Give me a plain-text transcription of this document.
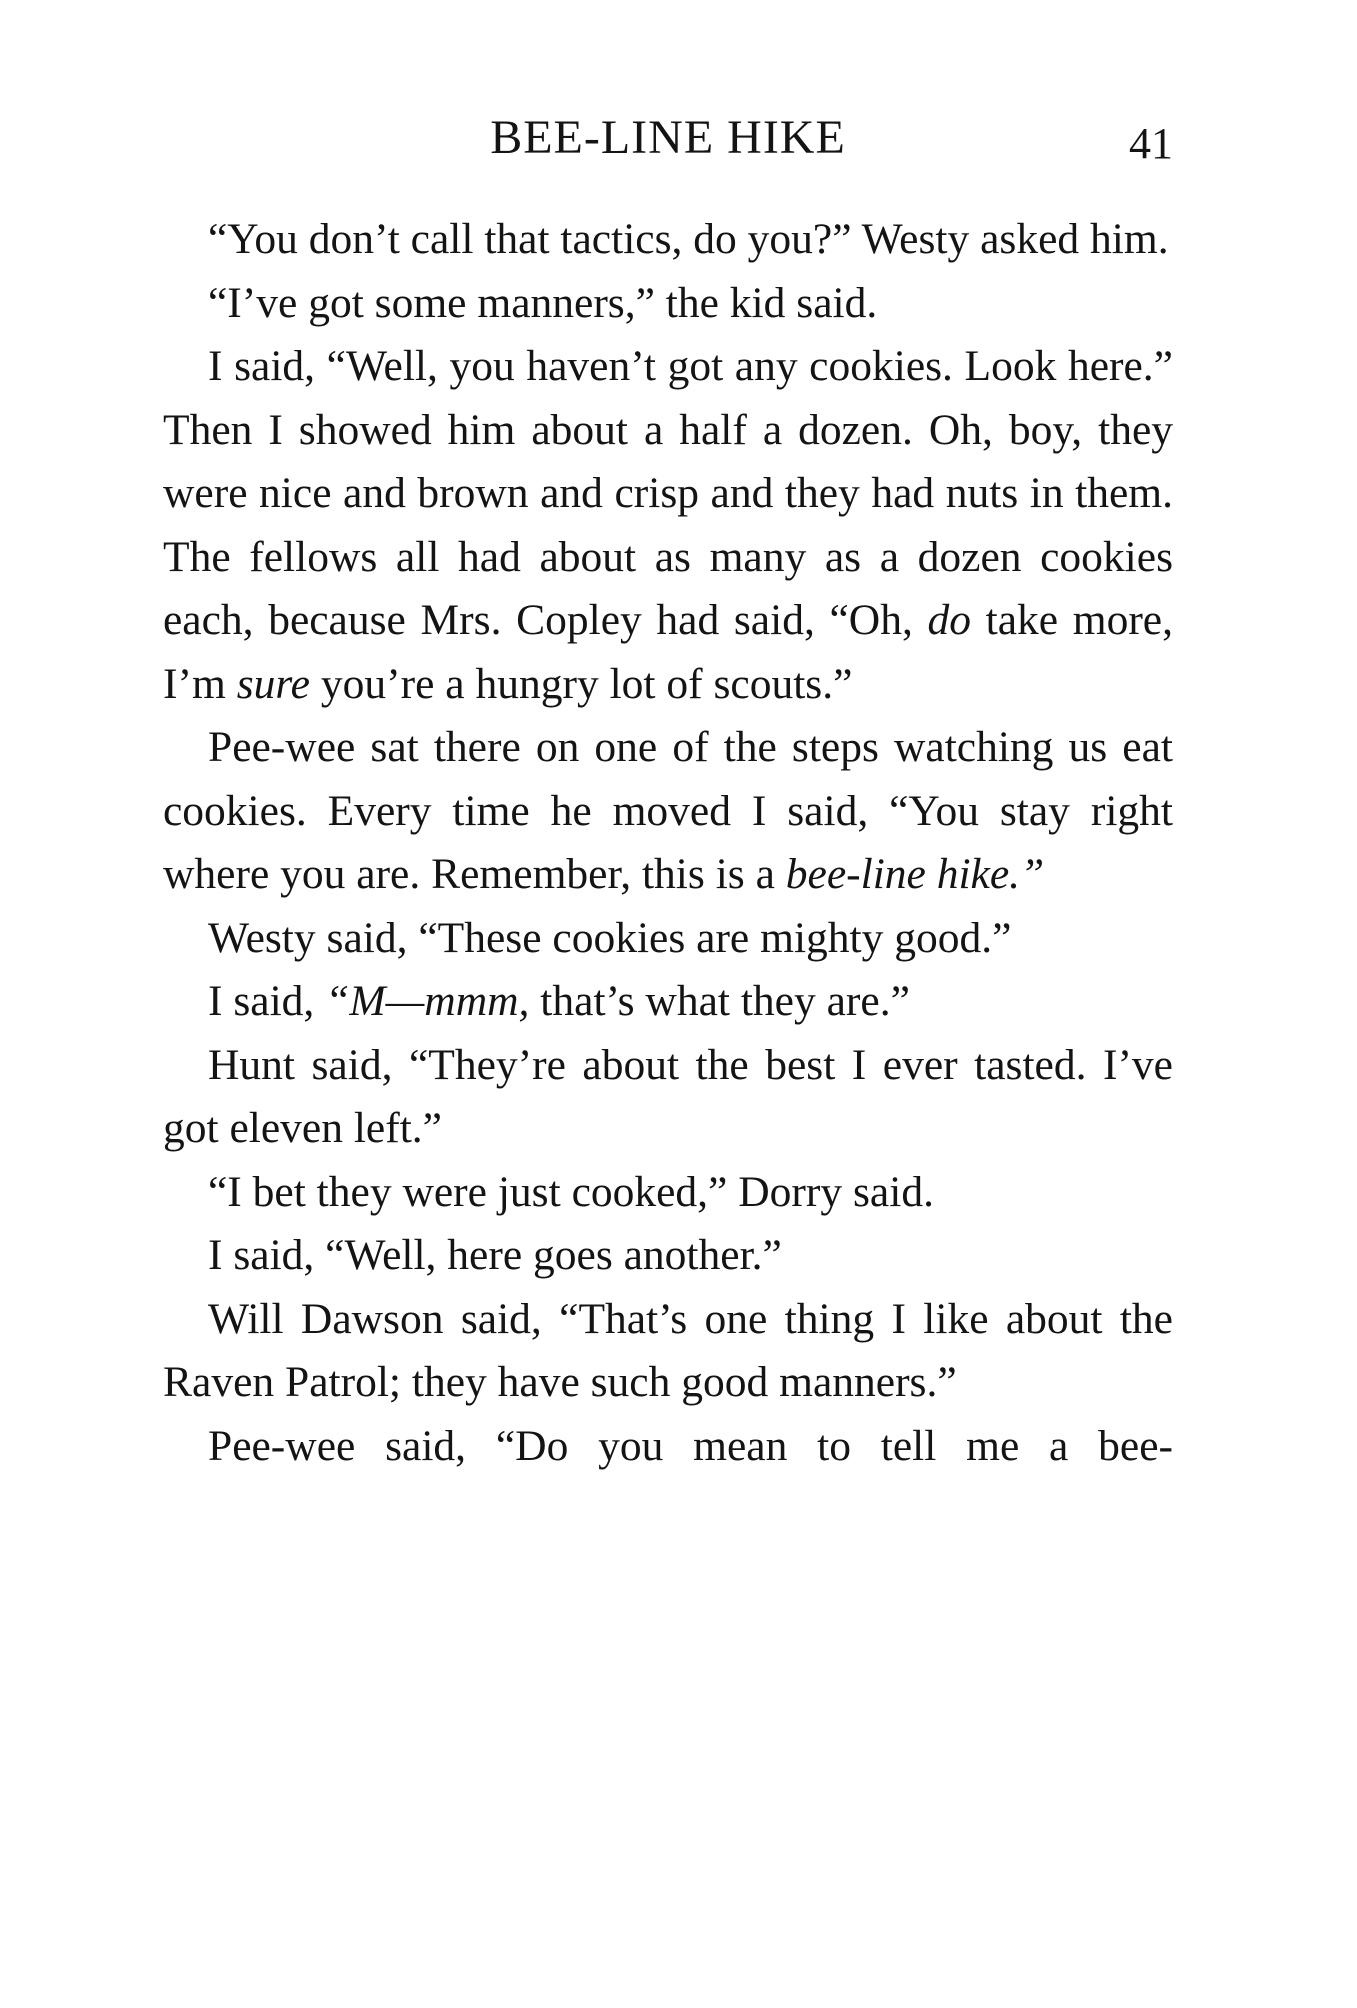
BEE-LINE HIKE	41

“You don’t call that tactics, do you?” Westy asked him.

“I’ve got some manners,” the kid said.

I said, “Well, you haven’t got any cookies. Look here.” Then I showed him about a half a dozen. Oh, boy, they were nice and brown and crisp and they had nuts in them. The fellows all had about as many as a dozen cookies each, because Mrs. Copley had said, “Oh, do take more, I’m sure you’re a hungry lot of scouts.”

Pee-wee sat there on one of the steps watching us eat cookies. Every time he moved I said, “You stay right where you are. Remember, this is a bee-line hike.”

Westy said, “These cookies are mighty good.”

I said, “M—mmm, that’s what they are.”

Hunt said, “They’re about the best I ever tasted. I’ve got eleven left.”

“I bet they were just cooked,” Dorry said.

I said, “Well, here goes another.”

Will Dawson said, “That’s one thing I like about the Raven Patrol; they have such good manners.”

Pee-wee said, “Do you mean to tell me a bee-
